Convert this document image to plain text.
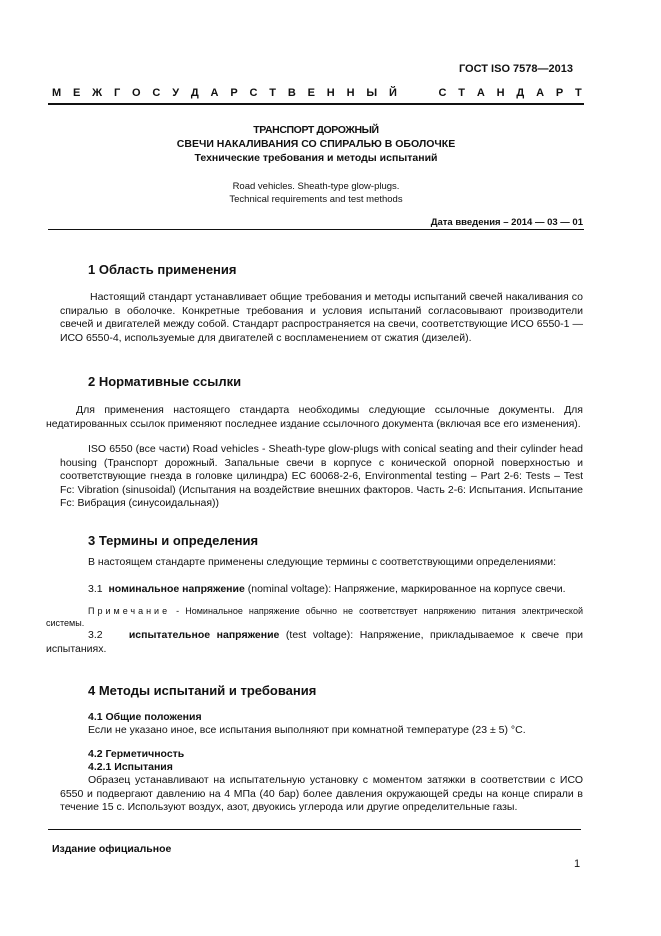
ГОСТ ISO 7578—2013
М Е Ж Г О С У Д А Р С Т В Е Н Н Ы Й

	С Т А Н Д А Р Т
ТРАНСПОРТ ДОРОЖНЫЙ
СВЕЧИ НАКАЛИВАНИЯ СО СПИРАЛЬЮ В ОБОЛОЧКЕ
Технические требования и методы испытаний
Road vehicles. Sheath-type glow-plugs.
Technical requirements and test methods
Дата введения – 2014 — 03 — 01
1 Область применения
Настоящий стандарт устанавливает общие требования и методы испытаний свечей накаливания со спиралью в оболочке. Конкретные требования и условия испытаний согласовывают производители свечей и двигателей между собой. Стандарт распространяется на свечи, соответствующие ИСО 6550-1 — ИСО 6550-4, используемые для двигателей с воспламенением от сжатия (дизелей).
2 Нормативные ссылки
Для применения настоящего стандарта необходимы следующие ссылочные документы. Для недатированных ссылок применяют последнее издание ссылочного документа (включая все его изменения).
ISO 6550 (все части) Road vehicles - Sheath-type glow-plugs with conical seating and their cylinder head housing (Транспорт дорожный. Запальные свечи в корпусе с конической опорной поверхностью и соответствующие гнезда в головке цилиндра) EC 60068-2-6, Environmental testing – Part 2-6: Tests – Test Fc: Vibration (sinusoidal) (Испытания на воздействие внешних факторов. Часть 2-6: Испытания. Испытание Fc: Вибрация (синусоидальная))
3 Термины и определения
В настоящем стандарте применены следующие термины с соответствующими определениями:
3.1 номинальное напряжение (nominal voltage): Напряжение, маркированное на корпусе свечи.
Примечание - Номинальное напряжение обычно не соответствует напряжению питания электрической системы.
3.2 испытательное напряжение (test voltage): Напряжение, прикладываемое к свече при испытаниях.
4 Методы испытаний и требования
4.1 Общие положения
Если не указано иное, все испытания выполняют при комнатной температуре (23 ± 5) °С.
4.2 Герметичность
4.2.1 Испытания
Образец устанавливают на испытательную установку с моментом затяжки в соответствии с ИСО 6550 и подвергают давлению на 4 МПа (40 бар) более давления окружающей среды на конце спирали в течение 15 с. Используют воздух, азот, двуокись углерода или другие определительные газы.
Издание официальное
1
